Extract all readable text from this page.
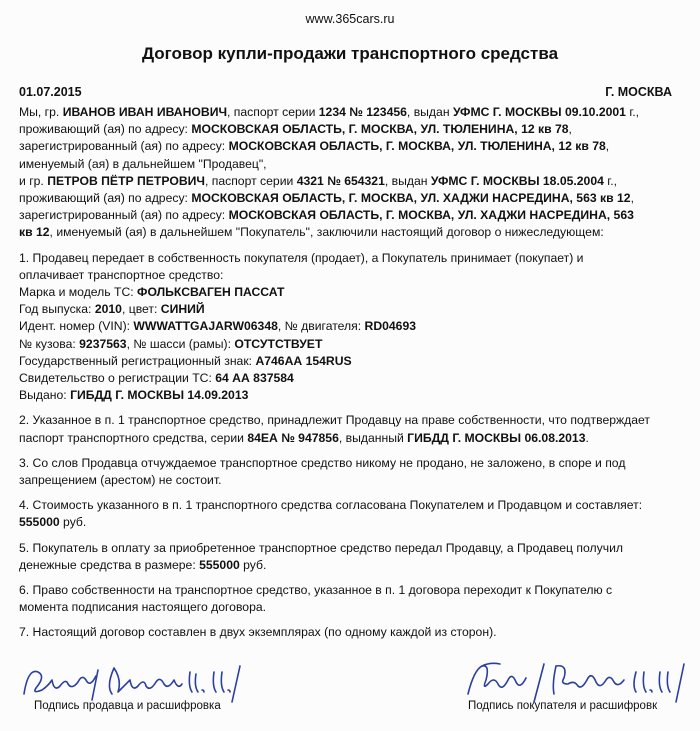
www.365cars.ru
Договор купли-продажи транспортного средства
01.07.2015	Г. МОСКВА

Мы, гр. ИВАНОВ ИВАН ИВАНОВИЧ, паспорт серии 1234 № 123456, выдан УФМС Г. МОСКВЫ 09.10.2001 г.,

проживающий (ая) по адресу: МОСКОВСКАЯ ОБЛАСТЬ, Г. МОСКВА, УЛ. ТЮЛЕНИНА, 12 кв 78,

зарегистрированный (ая) по адресу: МОСКОВСКАЯ ОБЛАСТЬ, Г. МОСКВА, УЛ. ТЮЛЕНИНА, 12 кв 78,

именуемый (ая) в дальнейшем "Продавец",

и гр. ПЕТРОВ ПЁТР ПЕТРОВИЧ, паспорт серии 4321 № 654321, выдан УФМС Г. МОСКВЫ 18.05.2004 г.,

проживающий (ая) по адресу: МОСКОВСКАЯ ОБЛАСТЬ, Г. МОСКВА, УЛ. ХАДЖИ НАСРЕДИНА, 563 кв 12,

зарегистрированный (ая) по адресу: МОСКОВСКАЯ ОБЛАСТЬ, Г. МОСКВА, УЛ. ХАДЖИ НАСРЕДИНА, 563

кв 12, именуемый (ая) в дальнейшем "Покупатель", заключили настоящий договор о нижеследующем:

1. Продавец передает в собственность покупателя (продает), а Покупатель принимает (покупает) и

оплачивает транспортное средство:

Марка и модель ТС: ФОЛЬКСВАГЕН ПАССАТ

Год выпуска: 2010, цвет: СИНИЙ

Идент. номер (VIN): WWWATTGAJARW06348, № двигателя: RD04693

№ кузова: 9237563, № шасси (рамы): ОТСУТСТВУЕТ

Государственный регистрационный знак: А746АА 154RUS

Свидетельство о регистрации ТС: 64 АА 837584

Выдано: ГИБДД Г. МОСКВЫ 14.09.2013

2. Указанное в п. 1 транспортное средство, принадлежит Продавцу на праве собственности, что подтверждает

паспорт транспортного средства, серии 84ЕА № 947856, выданный ГИБДД Г. МОСКВЫ 06.08.2013.

3. Со слов Продавца отчуждаемое транспортное средство никому не продано, не заложено, в споре и под

запрещением (арестом) не состоит.

4. Стоимость указанного в п. 1 транспортного средства согласована Покупателем и Продавцом и составляет:

555000 руб.

5. Покупатель в оплату за приобретенное транспортное средство передал Продавцу, а Продавец получил

денежные средства в размере: 555000 руб.

6. Право собственности на транспортное средство, указанное в п. 1 договора переходит к Покупателю с

момента подписания настоящего договора.

7. Настоящий договор составлен в двух экземплярах (по одному каждой из сторон).

Подпись продавца и расшифровка	Подпись покупателя и расшифровк
